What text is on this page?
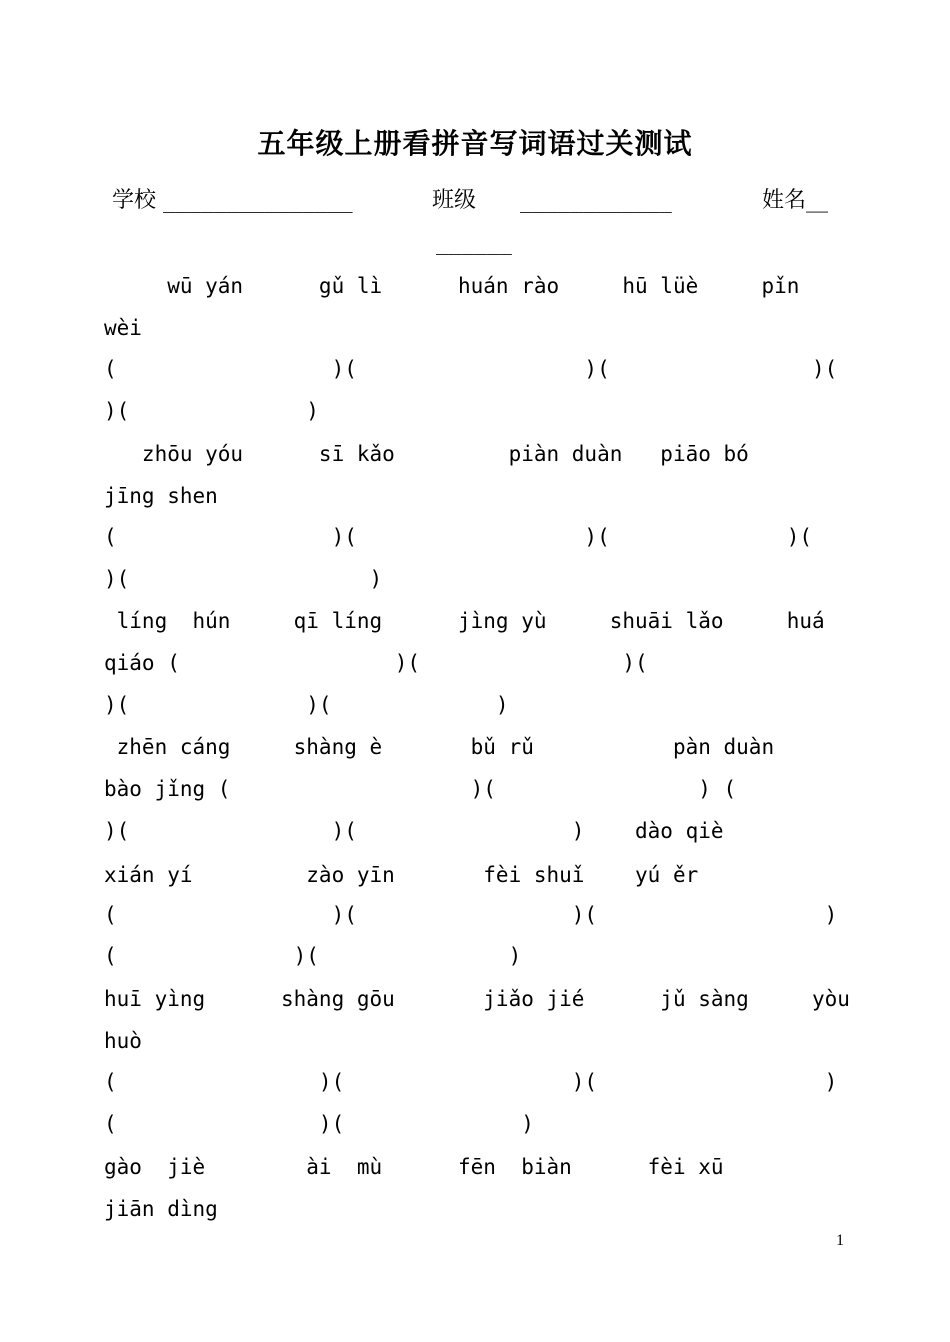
五年级上册看拼音写词语过关测试
学校 _______________	班级 ____________	姓名__
______
wū yán      gǔ lì      huán rào     hū lüè     pǐn
wèi
(                 )(                  )(                )(
)(              )
zhōu yóu      sī kǎo         piàn duàn   piāo bó
jīng shen
(                 )(                  )(              )(
)(                   )
líng  hún     qī líng      jìng yù     shuāi lǎo     huá
qiáo (                 )(                )(
)(              )(             )
zhēn cáng     shàng è       bǔ rǔ           pàn duàn
bào jǐng (                   )(                ) (
)(                )(                 )    dào qiè
xián yí         zào yīn       fèi shuǐ    yú ěr
(                 )(                 )(                  )
(              )(               )
huī yìng      shàng gōu       jiǎo jié      jǔ sàng     yòu
huò
(                )(                  )(                  )
(                )(              )
gào  jiè        ài  mù      fēn  biàn      fèi xū
jiān dìng
1
